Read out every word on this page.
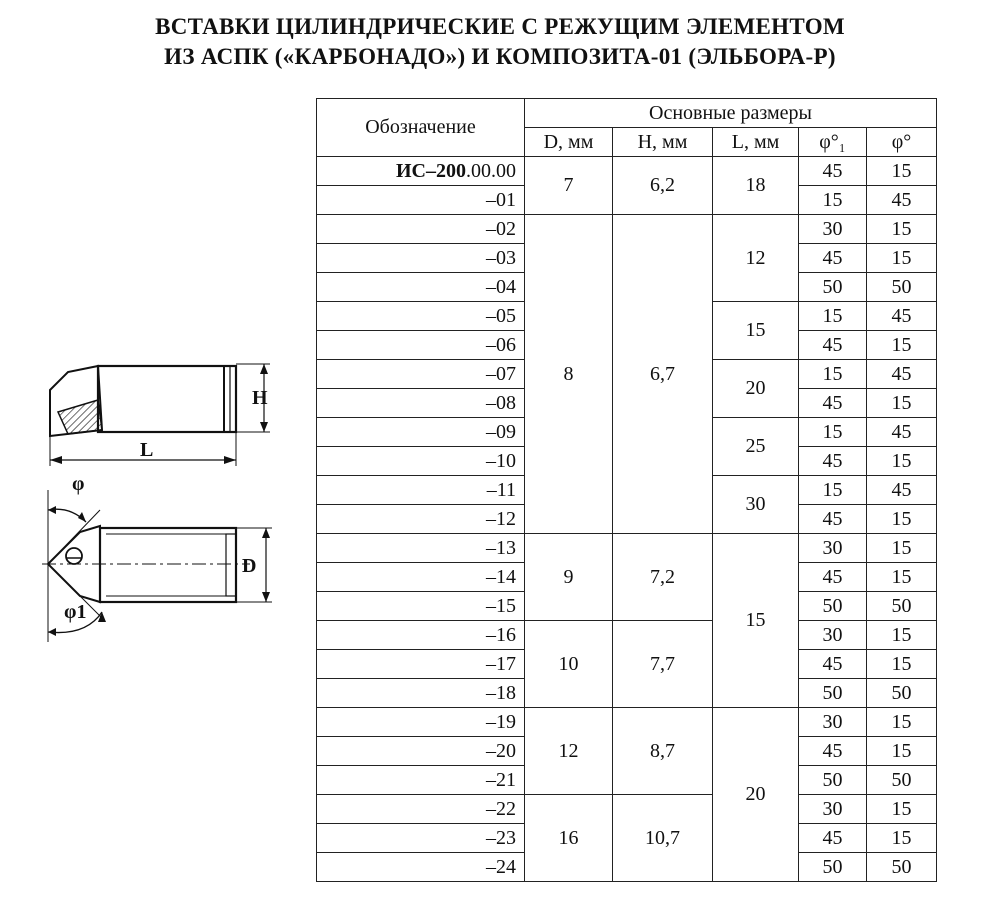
ВСТАВКИ ЦИЛИНДРИЧЕСКИЕ С РЕЖУЩИМ ЭЛЕМЕНТОМ
ИЗ АСПК («КАРБОНАДО») И КОМПОЗИТА-01 (ЭЛЬБОРА-Р)
H
L
D
φ
φ1
Обозначение	Основные размеры				
	D, мм	H, мм	L, мм	φ°₁	φ°
ИС–200.00.00	7	6,2	18	45	15
–01				15	45
–02	8	6,7	12	30	15
–03				45	15
–04				50	50
–05			15	15	45
–06				45	15
–07			20	15	45
–08				45	15
–09			25	15	45
–10				45	15
–11			30	15	45
–12				45	15
–13	9	7,2	15	30	15
–14				45	15
–15				50	50
–16	10	7,7		30	15
–17				45	15
–18				50	50
–19	12	8,7	20	30	15
–20				45	15
–21				50	50
–22	16	10,7		30	15
–23				45	15
–24				50	50
